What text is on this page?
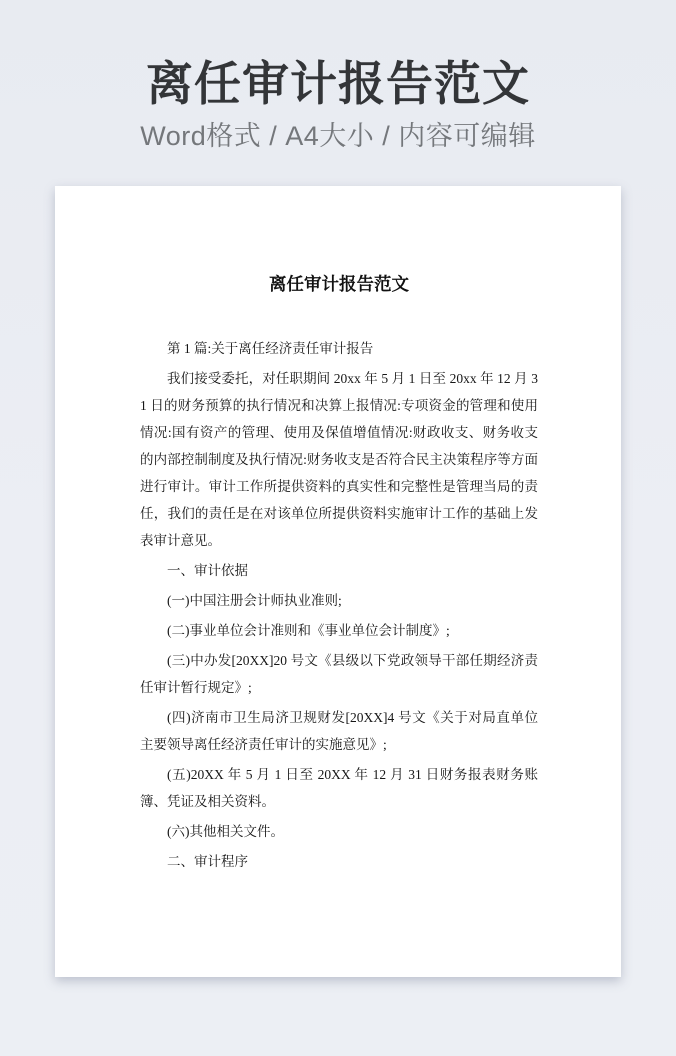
离任审计报告范文
Word格式 / A4大小 / 内容可编辑
离任审计报告范文

第 1 篇:关于离任经济责任审计报告

我们接受委托，对任职期间 20xx 年 5 月 1 日至 20xx 年 12 月 31 日的财务预算的执行情况和决算上报情况:专项资金的管理和使用情况:国有资产的管理、使用及保值增值情况:财政收支、财务收支的内部控制制度及执行情况:财务收支是否符合民主决策程序等方面进行审计。审计工作所提供资料的真实性和完整性是管理当局的责任，我们的责任是在对该单位所提供资料实施审计工作的基础上发表审计意见。

一、审计依据

(一)中国注册会计师执业准则;

(二)事业单位会计准则和《事业单位会计制度》;

(三)中办发[20XX]20 号文《县级以下党政领导干部任期经济责任审计暂行规定》;

(四)济南市卫生局济卫规财发[20XX]4 号文《关于对局直单位主要领导离任经济责任审计的实施意见》;

(五)20XX 年 5 月 1 日至 20XX 年 12 月 31 日财务报表财务账簿、凭证及相关资料。

(六)其他相关文件。

二、审计程序
